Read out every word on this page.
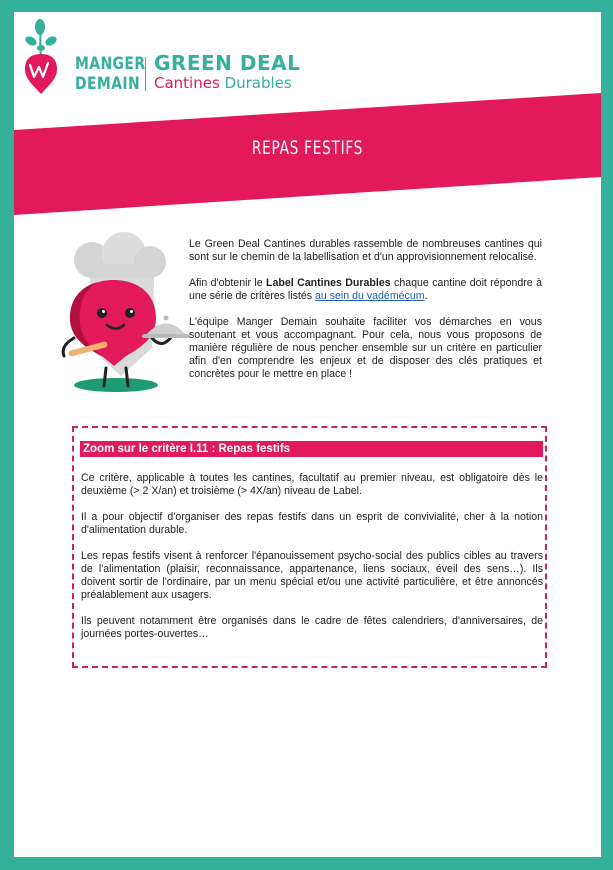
MANGER
DEMAIN
GREEN DEAL
Cantines Durables
REPAS FESTIFS

Le Green Deal Cantines durables rassemble de nombreuses cantines qui sont sur le chemin de la labellisation et d'un approvisionnement relocalisé.

Afin d'obtenir le Label Cantines Durables chaque cantine doit répondre à une série de critères listés au sein du vadémécum.

L'équipe Manger Demain souhaite faciliter vos démarches en vous soutenant et vous accompagnant. Pour cela, nous vous proposons de manière régulière de nous pencher ensemble sur un critère en particulier afin d'en comprendre les enjeux et de disposer des clés pratiques et concrètes pour le mettre en place !

Zoom sur le critère I.11 : Repas festifs

Ce critère, applicable à toutes les cantines, facultatif au premier niveau, est obligatoire dès le deuxième (> 2 X/an) et troisième (> 4X/an) niveau de Label.

Il a pour objectif d'organiser des repas festifs dans un esprit de convivialité, cher à la notion d'alimentation durable.

Les repas festifs visent à renforcer l'épanouissement psycho-social des publics cibles au travers de l'alimentation (plaisir, reconnaissance, appartenance, liens sociaux, éveil des sens…). Ils doivent sortir de l'ordinaire, par un menu spécial et/ou une activité particulière, et être annoncés préalablement aux usagers.

Ils peuvent notamment être organisés dans le cadre de fêtes calendriers, d'anniversaires, de journées portes-ouvertes…
